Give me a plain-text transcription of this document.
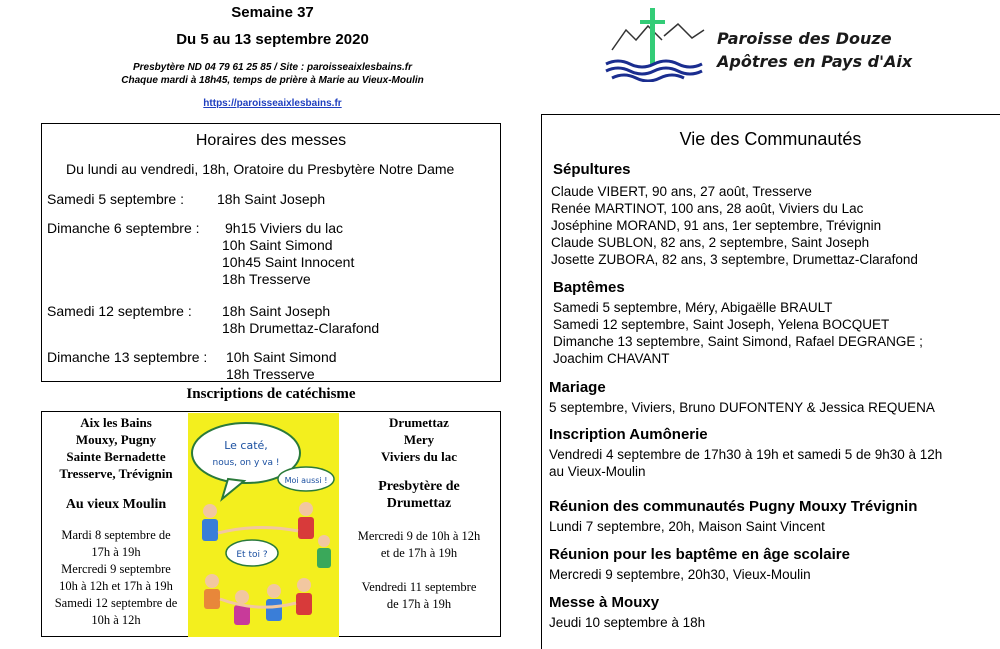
Semaine 37
Du 5 au 13 septembre 2020
Presbytère ND 04 79 61 25 85 / Site : paroisseaixlesbains.fr
Chaque mardi à 18h45, temps de prière à Marie au Vieux-Moulin
https://paroisseaixlesbains.fr
Paroisse des Douze
Apôtres en Pays d'Aix
Horaires des messes
Du lundi au vendredi, 18h, Oratoire du Presbytère Notre Dame
Samedi 5 septembre : 18h Saint Joseph
Dimanche 6 septembre : 9h15 Viviers du lac
10h Saint Simond
10h45 Saint Innocent
18h Tresserve
Samedi 12 septembre : 18h Saint Joseph
18h Drumettaz-Clarafond
Dimanche 13 septembre : 10h Saint Simond
18h Tresserve
Inscriptions de catéchisme
Aix les Bains
Mouxy, Pugny
Sainte Bernadette
Tresserve, Trévignin
Au vieux Moulin
Mardi 8 septembre de
17h à 19h
Mercredi 9 septembre
10h à 12h et 17h à 19h
Samedi 12 septembre de
10h à 12h
Le caté,
nous, on y va !
Moi aussi !
Et toi ?
Drumettaz
Mery
Viviers du lac
Presbytère de
Drumettaz
Mercredi 9 de 10h à 12h
et de 17h à 19h
Vendredi 11 septembre
de 17h à 19h
Vie des Communautés
Sépultures
Claude VIBERT, 90 ans, 27 août, Tresserve
Renée MARTINOT, 100 ans, 28 août, Viviers du Lac
Joséphine MORAND, 91 ans, 1er septembre, Trévignin
Claude SUBLON, 82 ans, 2 septembre, Saint Joseph
Josette ZUBORA, 82 ans, 3 septembre, Drumettaz-Clarafond
Baptêmes
Samedi 5 septembre, Méry, Abigaëlle BRAULT
Samedi 12 septembre, Saint Joseph, Yelena BOCQUET
Dimanche 13 septembre, Saint Simond, Rafael DEGRANGE ;
Joachim CHAVANT
Mariage
5 septembre, Viviers, Bruno DUFONTENY & Jessica REQUENA
Inscription Aumônerie
Vendredi 4 septembre de 17h30 à 19h et samedi 5 de 9h30 à 12h
au Vieux-Moulin
Réunion des communautés Pugny Mouxy Trévignin
Lundi 7 septembre, 20h, Maison Saint Vincent
Réunion pour les baptême en âge scolaire
Mercredi 9 septembre, 20h30, Vieux-Moulin
Messe à Mouxy
Jeudi 10 septembre à 18h
